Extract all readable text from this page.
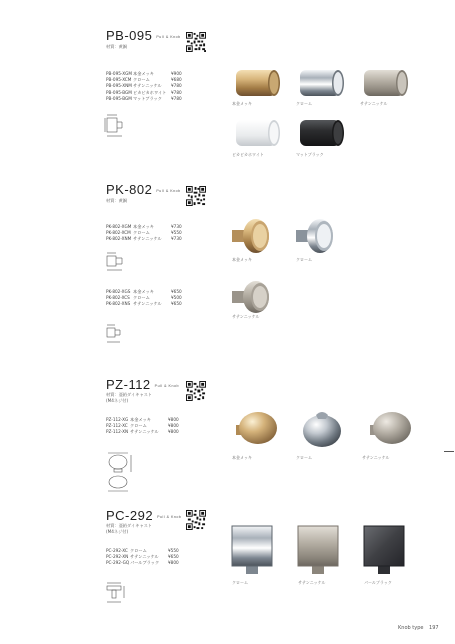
PB-095 Pull & Knob
材質：黄銅
PB-095-XGM 本金メッキ	¥900
PB-095-XCM クローム	¥680
PB-095-XNM サテンニッケル	¥780
PB-095-BGM ピカピカホワイト	¥780
PB-095-BGM マットブラック	¥780
本金メッキ	クローム	サテンニッケル
ピカピカホワイト	マットブラック
PK-802 Pull & Knob
材質：黄銅
PK-802-XGM 本金メッキ	¥730
PK-802-XCM クローム	¥550
PK-802-XNM サテンニッケル	¥730
PK-802-XGS 本金メッキ	¥650
PK-802-XCS クローム	¥500
PK-802-XNS サテンニッケル	¥650
本金メッキ	クローム
サテンニッケル
PZ-112 Pull & Knob
材質：亜鉛ダイキャスト
(M4ネジ付)
PZ-112-XG 本金メッキ	¥800
PZ-112-XC クローム	¥800
PZ-112-XN サテンニッケル	¥800
本金メッキ	クローム	サテンニッケル
PC-292 Pull & Knob
材質：亜鉛ダイキャスト
(M4ネジ付)
PC-292-XC クローム	¥550
PC-292-XN サテンニッケル	¥650
PC-292-GQ パールブラック	¥800
クローム	サテンニッケル	パールブラック
Knob type 197
